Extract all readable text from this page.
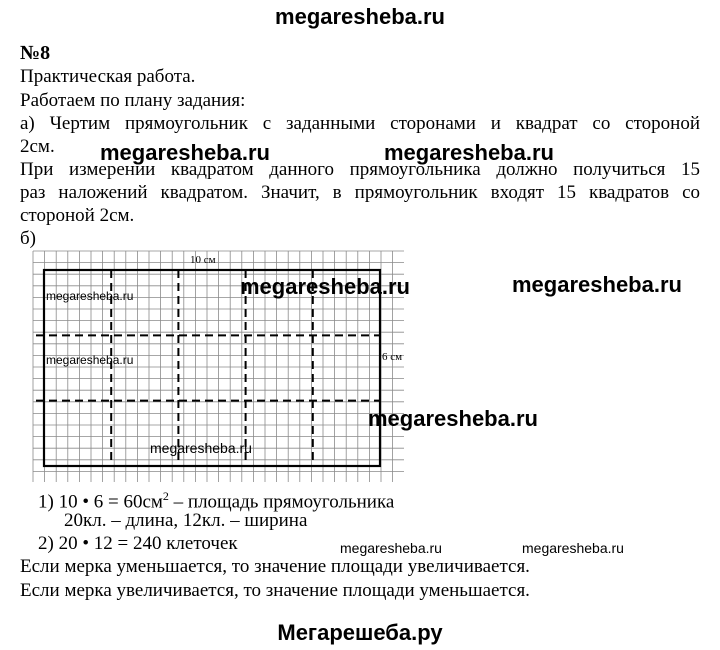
megaresheba.ru
№8
Практическая работа.
Работаем по плану задания:
а) Чертим прямоугольник с заданными сторонами и квадрат со стороной
2см.
При измерении квадратом данного прямоугольника должно получиться 15
раз наложений квадратом. Значит, в прямоугольник входят 15 квадратов со
стороной 2см.
б)
10 см
6 см
megaresheba.ru	megaresheba.ru
megaresheba.ru	megaresheba.ru
megaresheba.ru
megaresheba.ru
megaresheba.ru
megaresheba.ru
megaresheba.ru	megaresheba.ru
1) 10 • $6 = 60см^2$ – площадь прямоугольника
20кл. – длина, 12кл. – ширина
2) 20 • 12 = 240 клеточек
Если мерка уменьшается, то значение площади увеличивается.
Если мерка увеличивается, то значение площади уменьшается.
Мегарешеба.ру
